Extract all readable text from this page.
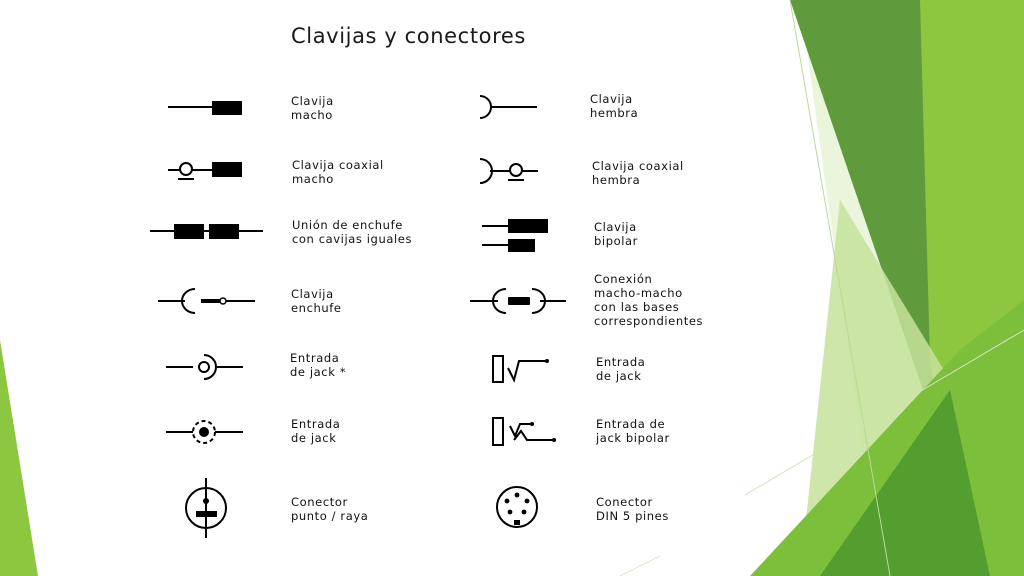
Clavijas y conectores
Clavija
macho
Clavija
hembra
Clavija coaxial
macho
Clavija coaxial
hembra
Unión de enchufe
con cavijas iguales
Clavija
bipolar
Clavija
enchufe
Conexión
macho-macho
con las bases
correspondientes
Entrada
de jack *
Entrada
de jack
Entrada
de jack
Entrada de
jack bipolar
Conector
punto / raya
Conector
DIN 5 pines
